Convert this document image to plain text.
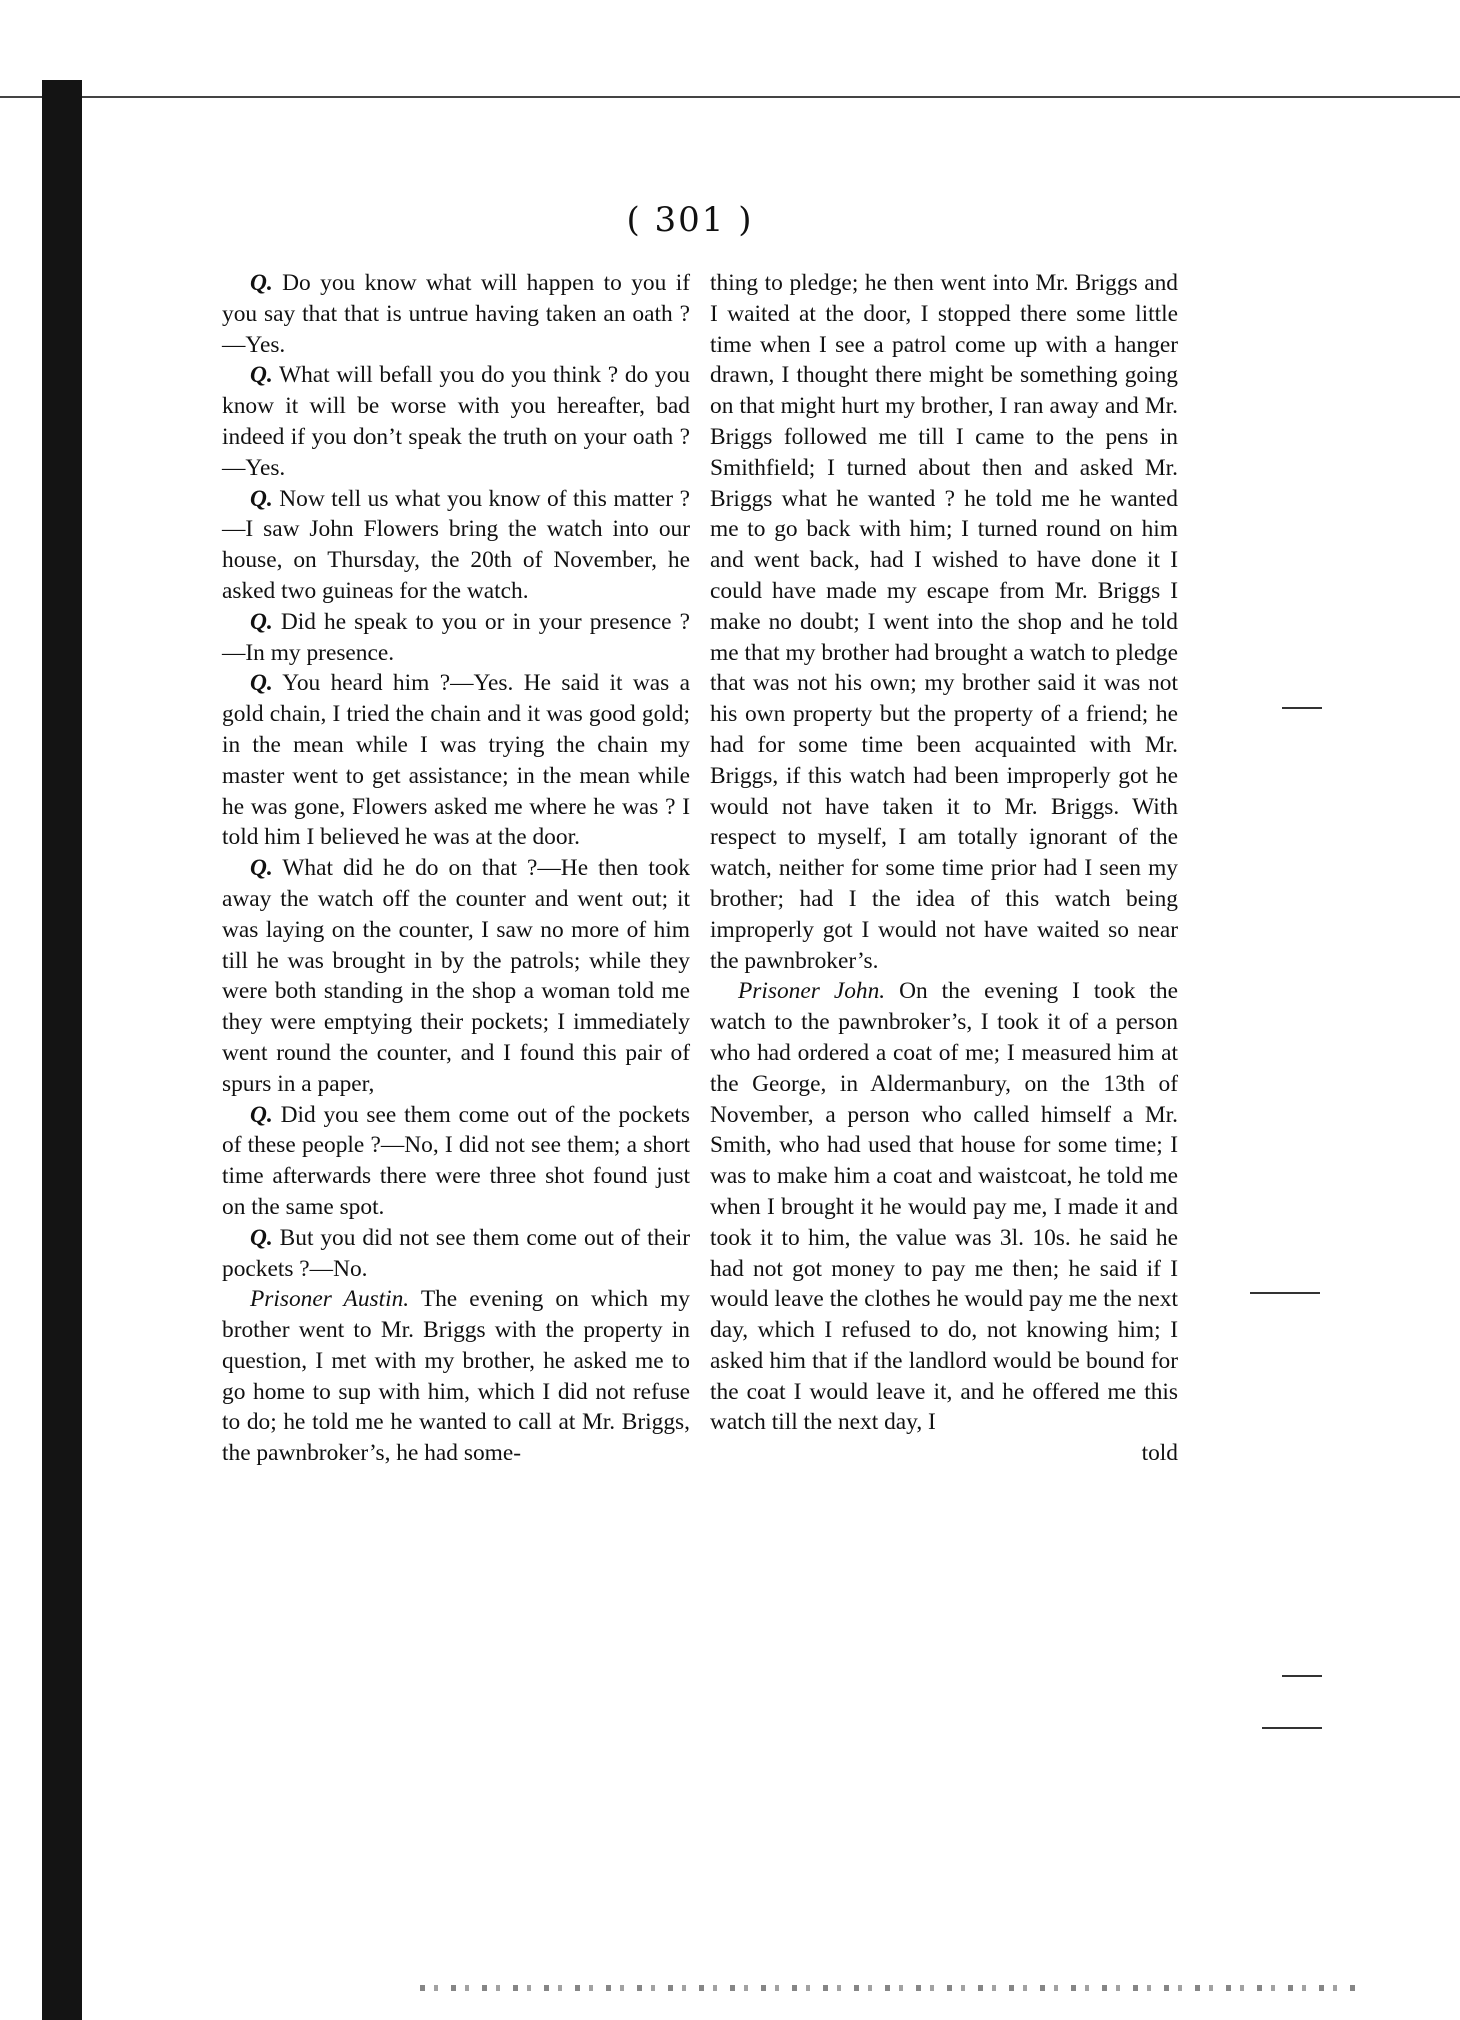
( 301 )

Q. Do you know what will happen to you if you say that that is untrue having taken an oath ?—Yes.

Q. What will befall you do you think ? do you know it will be worse with you hereafter, bad indeed if you don’t speak the truth on your oath ?—Yes.

Q. Now tell us what you know of this matter ?—I saw John Flowers bring the watch into our house, on Thursday, the 20th of November, he asked two guineas for the watch.

Q. Did he speak to you or in your presence ?—In my presence.

Q. You heard him ?—Yes. He said it was a gold chain, I tried the chain and it was good gold; in the mean while I was trying the chain my master went to get assistance; in the mean while he was gone, Flowers asked me where he was ? I told him I believed he was at the door.

Q. What did he do on that ?—He then took away the watch off the counter and went out; it was laying on the counter, I saw no more of him till he was brought in by the patrols; while they were both standing in the shop a woman told me they were emptying their pockets; I immediately went round the counter, and I found this pair of spurs in a paper,

Q. Did you see them come out of the pockets of these people ?—No, I did not see them; a short time afterwards there were three shot found just on the same spot.

Q. But you did not see them come out of their pockets ?—No.

Prisoner Austin. The evening on which my brother went to Mr. Briggs with the property in question, I met with my brother, he asked me to go home to sup with him, which I did not refuse to do; he told me he wanted to call at Mr. Briggs, the pawnbroker’s, he had some-

thing to pledge; he then went into Mr. Briggs and I waited at the door, I stopped there some little time when I see a patrol come up with a hanger drawn, I thought there might be something going on that might hurt my brother, I ran away and Mr. Briggs followed me till I came to the pens in Smithfield; I turned about then and asked Mr. Briggs what he wanted ? he told me he wanted me to go back with him; I turned round on him and went back, had I wished to have done it I could have made my escape from Mr. Briggs I make no doubt; I went into the shop and he told me that my brother had brought a watch to pledge that was not his own; my brother said it was not his own property but the property of a friend; he had for some time been acquainted with Mr. Briggs, if this watch had been improperly got he would not have taken it to Mr. Briggs. With respect to myself, I am totally ignorant of the watch, neither for some time prior had I seen my brother; had I the idea of this watch being improperly got I would not have waited so near the pawnbroker’s.

Prisoner John. On the evening I took the watch to the pawnbroker’s, I took it of a person who had ordered a coat of me; I measured him at the George, in Aldermanbury, on the 13th of November, a person who called himself a Mr. Smith, who had used that house for some time; I was to make him a coat and waistcoat, he told me when I brought it he would pay me, I made it and took it to him, the value was 3l. 10s. he said he had not got money to pay me then; he said if I would leave the clothes he would pay me the next day, which I refused to do, not knowing him; I asked him that if the landlord would be bound for the coat I would leave it, and he offered me this watch till the next day, I

told
